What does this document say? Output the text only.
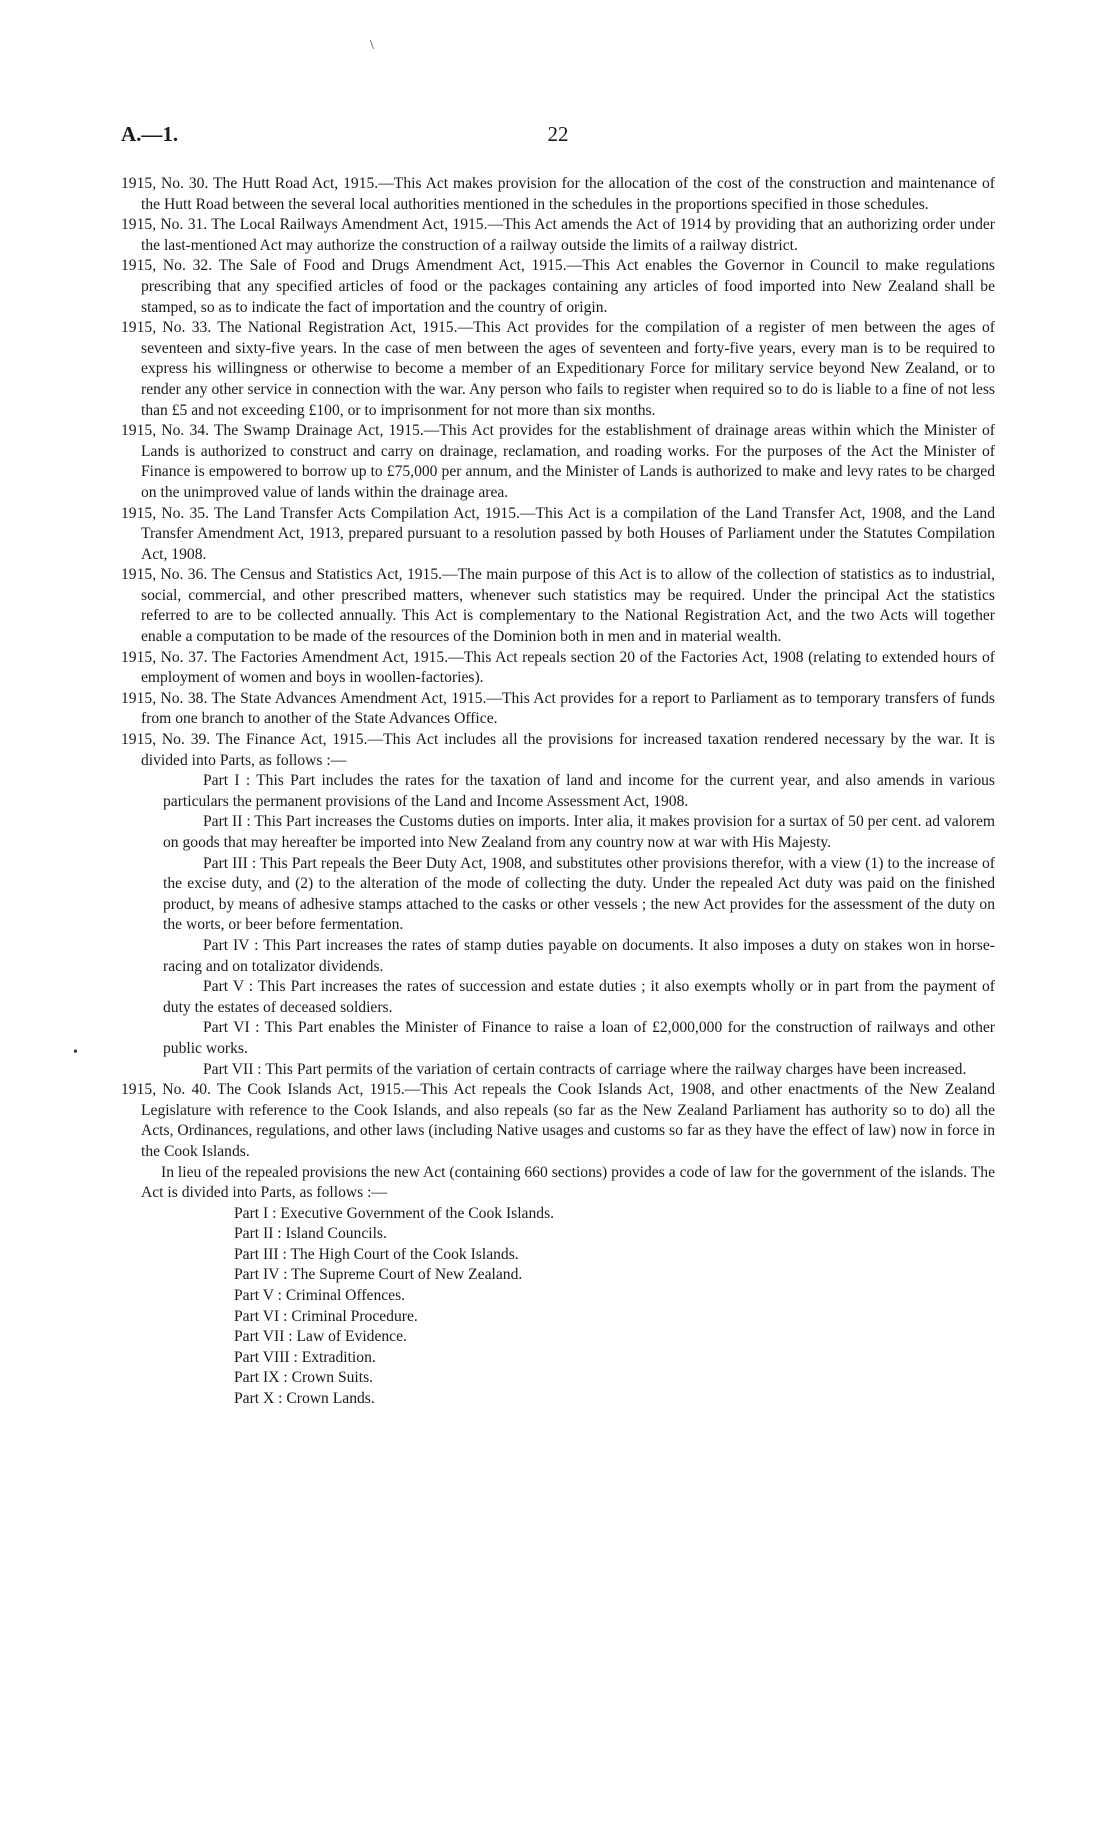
\
•
A.—1.	22

1915, No. 30. The Hutt Road Act, 1915.—This Act makes provision for the allocation of the cost of the construction and maintenance of the Hutt Road between the several local authorities mentioned in the schedules in the proportions specified in those schedules.

1915, No. 31. The Local Railways Amendment Act, 1915.—This Act amends the Act of 1914 by providing that an authorizing order under the last-mentioned Act may authorize the construction of a railway outside the limits of a railway district.

1915, No. 32. The Sale of Food and Drugs Amendment Act, 1915.—This Act enables the Governor in Council to make regulations prescribing that any specified articles of food or the packages containing any articles of food imported into New Zealand shall be stamped, so as to indicate the fact of importation and the country of origin.

1915, No. 33. The National Registration Act, 1915.—This Act provides for the compilation of a register of men between the ages of seventeen and sixty-five years. In the case of men between the ages of seventeen and forty-five years, every man is to be required to express his willingness or otherwise to become a member of an Expeditionary Force for military service beyond New Zealand, or to render any other service in connection with the war. Any person who fails to register when required so to do is liable to a fine of not less than £5 and not exceeding £100, or to imprisonment for not more than six months.

1915, No. 34. The Swamp Drainage Act, 1915.—This Act provides for the establishment of drainage areas within which the Minister of Lands is authorized to construct and carry on drainage, reclamation, and roading works. For the purposes of the Act the Minister of Finance is empowered to borrow up to £75,000 per annum, and the Minister of Lands is authorized to make and levy rates to be charged on the unimproved value of lands within the drainage area.

1915, No. 35. The Land Transfer Acts Compilation Act, 1915.—This Act is a compilation of the Land Transfer Act, 1908, and the Land Transfer Amendment Act, 1913, prepared pursuant to a resolution passed by both Houses of Parliament under the Statutes Compilation Act, 1908.

1915, No. 36. The Census and Statistics Act, 1915.—The main purpose of this Act is to allow of the collection of statistics as to industrial, social, commercial, and other prescribed matters, whenever such statistics may be required. Under the principal Act the statistics referred to are to be collected annually. This Act is complementary to the National Registration Act, and the two Acts will together enable a computation to be made of the resources of the Dominion both in men and in material wealth.

1915, No. 37. The Factories Amendment Act, 1915.—This Act repeals section 20 of the Factories Act, 1908 (relating to extended hours of employment of women and boys in woollen-factories).

1915, No. 38. The State Advances Amendment Act, 1915.—This Act provides for a report to Parliament as to temporary transfers of funds from one branch to another of the State Advances Office.

1915, No. 39. The Finance Act, 1915.—This Act includes all the provisions for increased taxation rendered necessary by the war. It is divided into Parts, as follows :—

Part I : This Part includes the rates for the taxation of land and income for the current year, and also amends in various particulars the permanent provisions of the Land and Income Assessment Act, 1908.

Part II : This Part increases the Customs duties on imports. Inter alia, it makes provision for a surtax of 50 per cent. ad valorem on goods that may hereafter be imported into New Zealand from any country now at war with His Majesty.

Part III : This Part repeals the Beer Duty Act, 1908, and substitutes other provisions therefor, with a view (1) to the increase of the excise duty, and (2) to the alteration of the mode of collecting the duty. Under the repealed Act duty was paid on the finished product, by means of adhesive stamps attached to the casks or other vessels ; the new Act provides for the assessment of the duty on the worts, or beer before fermentation.

Part IV : This Part increases the rates of stamp duties payable on documents. It also imposes a duty on stakes won in horse-racing and on totalizator dividends.

Part V : This Part increases the rates of succession and estate duties ; it also exempts wholly or in part from the payment of duty the estates of deceased soldiers.

Part VI : This Part enables the Minister of Finance to raise a loan of £2,000,000 for the construction of railways and other public works.

Part VII : This Part permits of the variation of certain contracts of carriage where the railway charges have been increased.

1915, No. 40. The Cook Islands Act, 1915.—This Act repeals the Cook Islands Act, 1908, and other enactments of the New Zealand Legislature with reference to the Cook Islands, and also repeals (so far as the New Zealand Parliament has authority so to do) all the Acts, Ordinances, regulations, and other laws (including Native usages and customs so far as they have the effect of law) now in force in the Cook Islands.

In lieu of the repealed provisions the new Act (containing 660 sections) provides a code of law for the government of the islands. The Act is divided into Parts, as follows :—

Part I : Executive Government of the Cook Islands.
Part II : Island Councils.
Part III : The High Court of the Cook Islands.
Part IV : The Supreme Court of New Zealand.
Part V : Criminal Offences.
Part VI : Criminal Procedure.
Part VII : Law of Evidence.
Part VIII : Extradition.
Part IX : Crown Suits.
Part X : Crown Lands.
